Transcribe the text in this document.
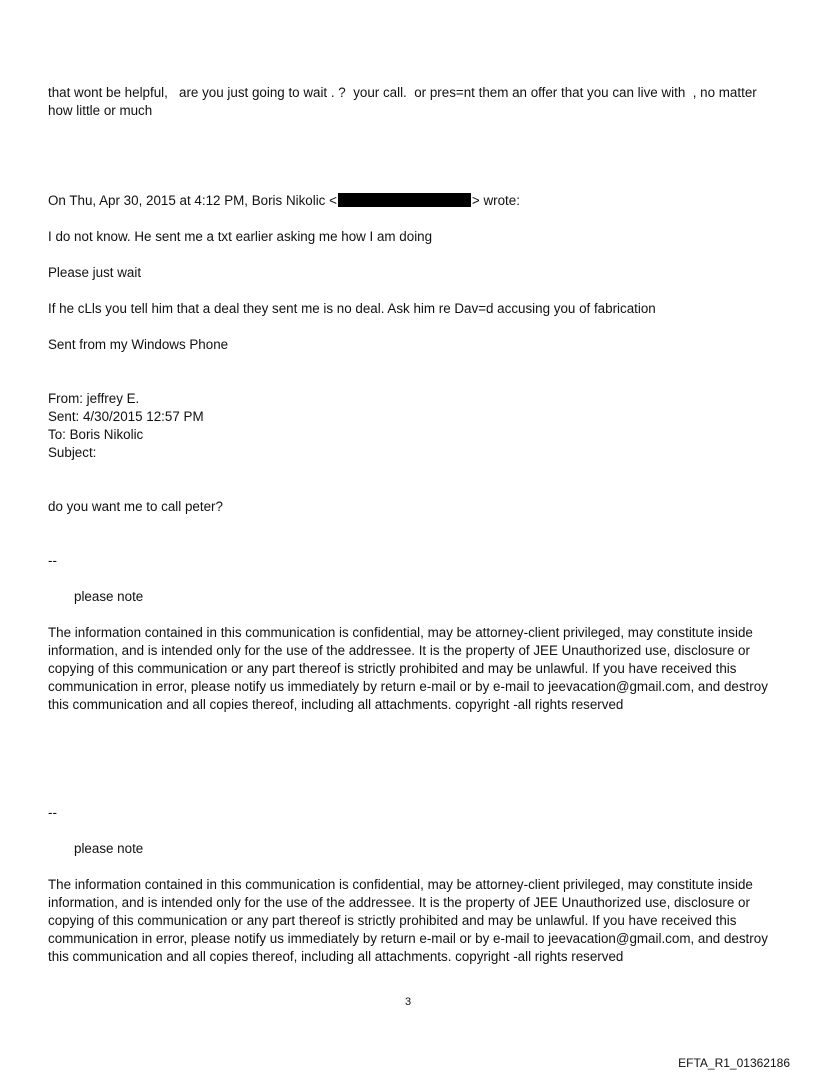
that wont be helpful,   are you just going to wait . ?  your call.  or pres=nt them an offer that you can live with  , no matter how little or much

On Thu, Apr 30, 2015 at 4:12 PM, Boris Nikolic <	> wrote:

I do not know. He sent me a txt earlier asking me how I am doing

Please just wait

If he cLls you tell him that a deal they sent me is no deal. Ask him re Dav=d accusing you of fabrication

Sent from my Windows Phone

From: jeffrey E.

Sent: 4/30/2015 12:57 PM

To: Boris Nikolic

Subject:

do you want me to call peter?

--

please note

The information contained in this communication is confidential, may be attorney-client privileged, may constitute inside information, and is intended only for the use of the addressee. It is the property of JEE Unauthorized use, disclosure or copying of this communication or any part thereof is strictly prohibited and may be unlawful. If you have received this communication in error, please notify us immediately by return e-mail or by e-mail to jeevacation@gmail.com, and destroy this communication and all copies thereof, including all attachments. copyright -all rights reserved

--

please note

The information contained in this communication is confidential, may be attorney-client privileged, may constitute inside information, and is intended only for the use of the addressee. It is the property of JEE Unauthorized use, disclosure or copying of this communication or any part thereof is strictly prohibited and may be unlawful. If you have received this communication in error, please notify us immediately by return e-mail or by e-mail to jeevacation@gmail.com, and destroy this communication and all copies thereof, including all attachments. copyright -all rights reserved

3
EFTA_R1_01362186
